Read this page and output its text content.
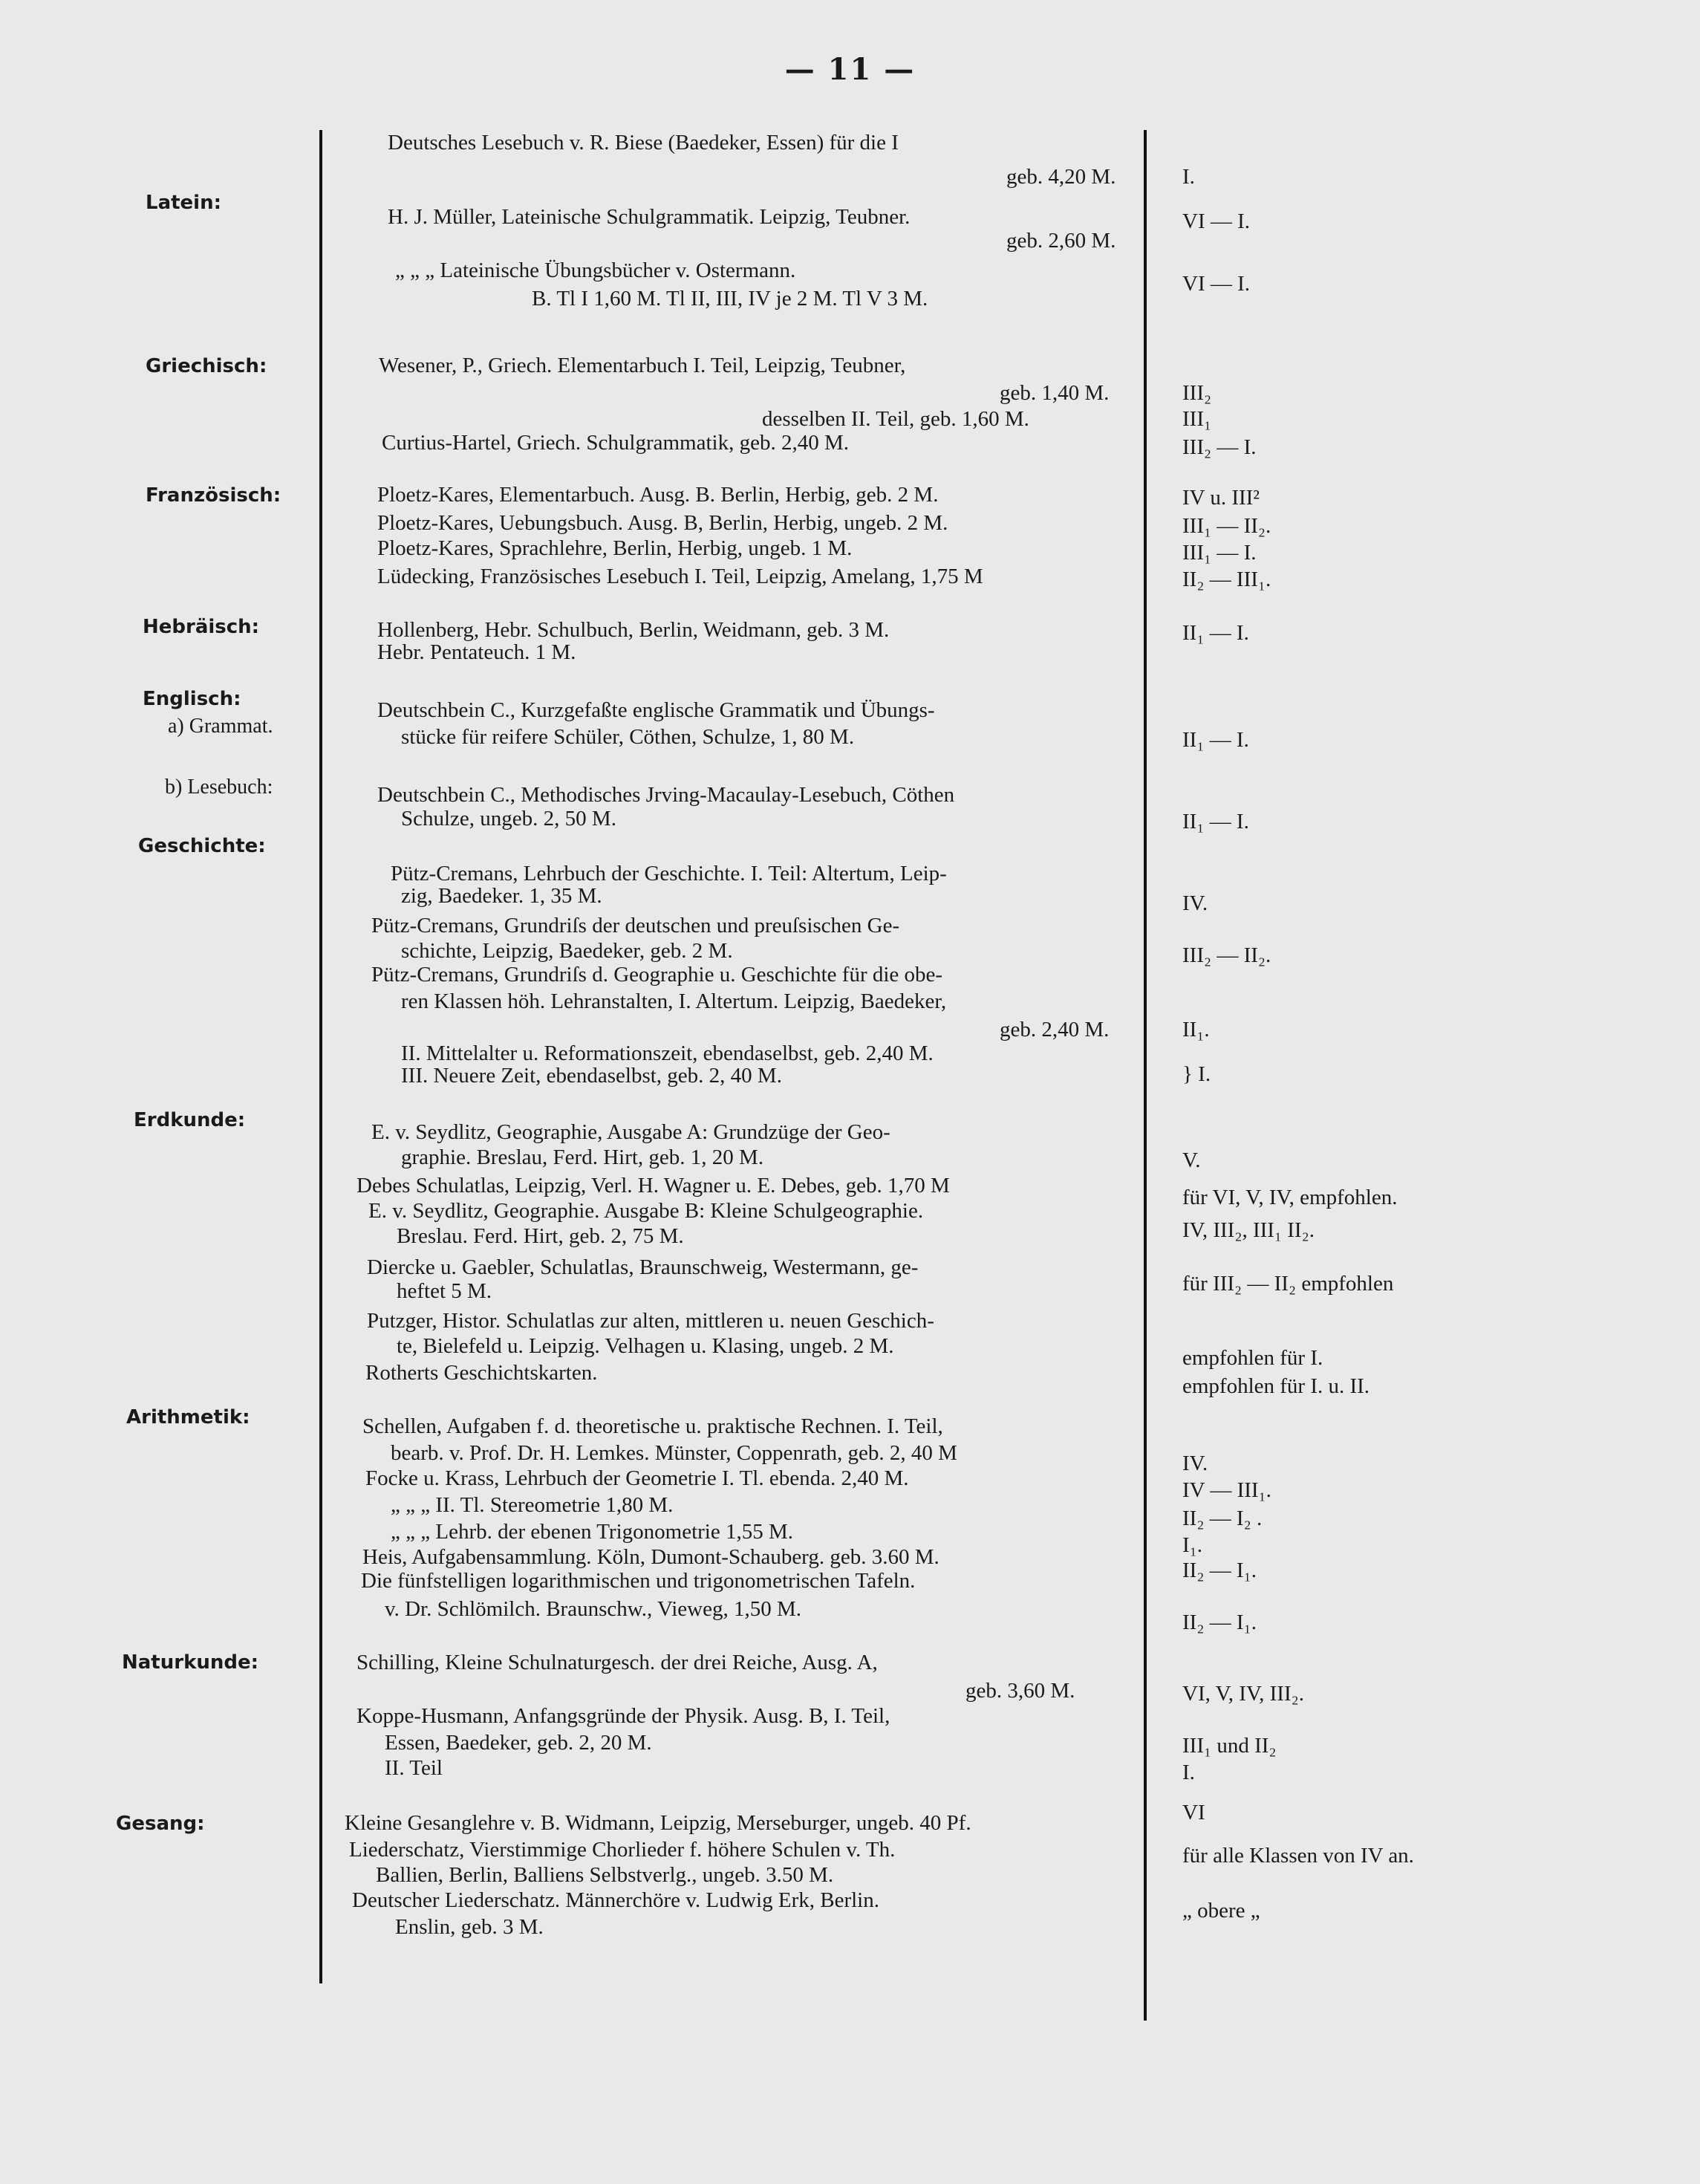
— 11 —
Latein:
Griechisch:
Französisch:
Hebräisch:
Englisch:
a) Grammat.
b) Lesebuch:
Geschichte:
Erdkunde:
Arithmetik:
Naturkunde:
Gesang:
Deutsches Lesebuch v. R. Biese (Baedeker, Essen) für die I
geb. 4,20 M.
H. J. Müller, Lateinische Schulgrammatik. Leipzig, Teubner.
geb. 2,60 M.
„ „ „ Lateinische Übungsbücher v. Ostermann.
B. Tl I 1,60 M. Tl II, III, IV je 2 M. Tl V 3 M.
Wesener, P., Griech. Elementarbuch I. Teil, Leipzig, Teubner,
geb. 1,40 M.
desselben II. Teil, geb. 1,60 M.
Curtius-Hartel, Griech. Schulgrammatik, geb. 2,40 M.
Ploetz-Kares, Elementarbuch. Ausg. B. Berlin, Herbig, geb. 2 M.
Ploetz-Kares, Uebungsbuch. Ausg. B, Berlin, Herbig, ungeb. 2 M.
Ploetz-Kares, Sprachlehre, Berlin, Herbig, ungeb. 1 M.
Lüdecking, Französisches Lesebuch I. Teil, Leipzig, Amelang, 1,75 M
Hollenberg, Hebr. Schulbuch, Berlin, Weidmann, geb. 3 M.
Hebr. Pentateuch. 1 M.
Deutschbein C., Kurzgefaßte englische Grammatik und Übungs-
stücke für reifere Schüler, Cöthen, Schulze, 1, 80 M.
Deutschbein C., Methodisches Jrving-Macaulay-Lesebuch, Cöthen
Schulze, ungeb. 2, 50 M.
Pütz-Cremans, Lehrbuch der Geschichte. I. Teil: Altertum, Leip-
zig, Baedeker. 1, 35 M.
Pütz-Cremans, Grundriſs der deutschen und preuſsischen Ge-
schichte, Leipzig, Baedeker, geb. 2 M.
Pütz-Cremans, Grundriſs d. Geographie u. Geschichte für die obe-
ren Klassen höh. Lehranstalten, I. Altertum. Leipzig, Baedeker,
geb. 2,40 M.
II. Mittelalter u. Reformationszeit, ebendaselbst, geb. 2,40 M.
III. Neuere Zeit, ebendaselbst, geb. 2, 40 M.
E. v. Seydlitz, Geographie, Ausgabe A: Grundzüge der Geo-
graphie. Breslau, Ferd. Hirt, geb. 1, 20 M.
Debes Schulatlas, Leipzig, Verl. H. Wagner u. E. Debes, geb. 1,70 M
E. v. Seydlitz, Geographie. Ausgabe B: Kleine Schulgeographie.
Breslau. Ferd. Hirt, geb. 2, 75 M.
Diercke u. Gaebler, Schulatlas, Braunschweig, Westermann, ge-
heftet 5 M.
Putzger, Histor. Schulatlas zur alten, mittleren u. neuen Geschich-
te, Bielefeld u. Leipzig. Velhagen u. Klasing, ungeb. 2 M.
Rotherts Geschichtskarten.
Schellen, Aufgaben f. d. theoretische u. praktische Rechnen. I. Teil,
bearb. v. Prof. Dr. H. Lemkes. Münster, Coppenrath, geb. 2, 40 M
Focke u. Krass, Lehrbuch der Geometrie I. Tl. ebenda. 2,40 M.
„ „ „ II. Tl. Stereometrie 1,80 M.
„ „ „ Lehrb. der ebenen Trigonometrie 1,55 M.
Heis, Aufgabensammlung. Köln, Dumont-Schauberg. geb. 3.60 M.
Die fünfstelligen logarithmischen und trigonometrischen Tafeln.
v. Dr. Schlömilch. Braunschw., Vieweg, 1,50 M.
Schilling, Kleine Schulnaturgesch. der drei Reiche, Ausg. A,
geb. 3,60 M.
Koppe-Husmann, Anfangsgründe der Physik. Ausg. B, I. Teil,
Essen, Baedeker, geb. 2, 20 M.
II. Teil
Kleine Gesanglehre v. B. Widmann, Leipzig, Merseburger, ungeb. 40 Pf.
Liederschatz, Vierstimmige Chorlieder f. höhere Schulen v. Th.
Ballien, Berlin, Balliens Selbstverlg., ungeb. 3.50 M.
Deutscher Liederschatz. Männerchöre v. Ludwig Erk, Berlin.
Enslin, geb. 3 M.
I.
VI — I.
VI — I.
III₂
III₁
III₂ — I.
IV u. III²
III₁ — II₂.
III₁ — I.
II₂ — III₁.
II₁ — I.
II₁ — I.
II₁ — I.
IV.
III₂ — II₂.
II₁.
} I.
V.
für VI, V, IV, empfohlen.
IV, III₂, III₁ II₂.
für III₂ — II₂ empfohlen
empfohlen für I.
empfohlen für I. u. II.
IV.
IV — III₁.
II₂ — I₂ .
I₁.
II₂ — I₁.
II₂ — I₁.
VI, V, IV, III₂.
III₁ und II₂
I.
VI
für alle Klassen von IV an.
„ obere „
